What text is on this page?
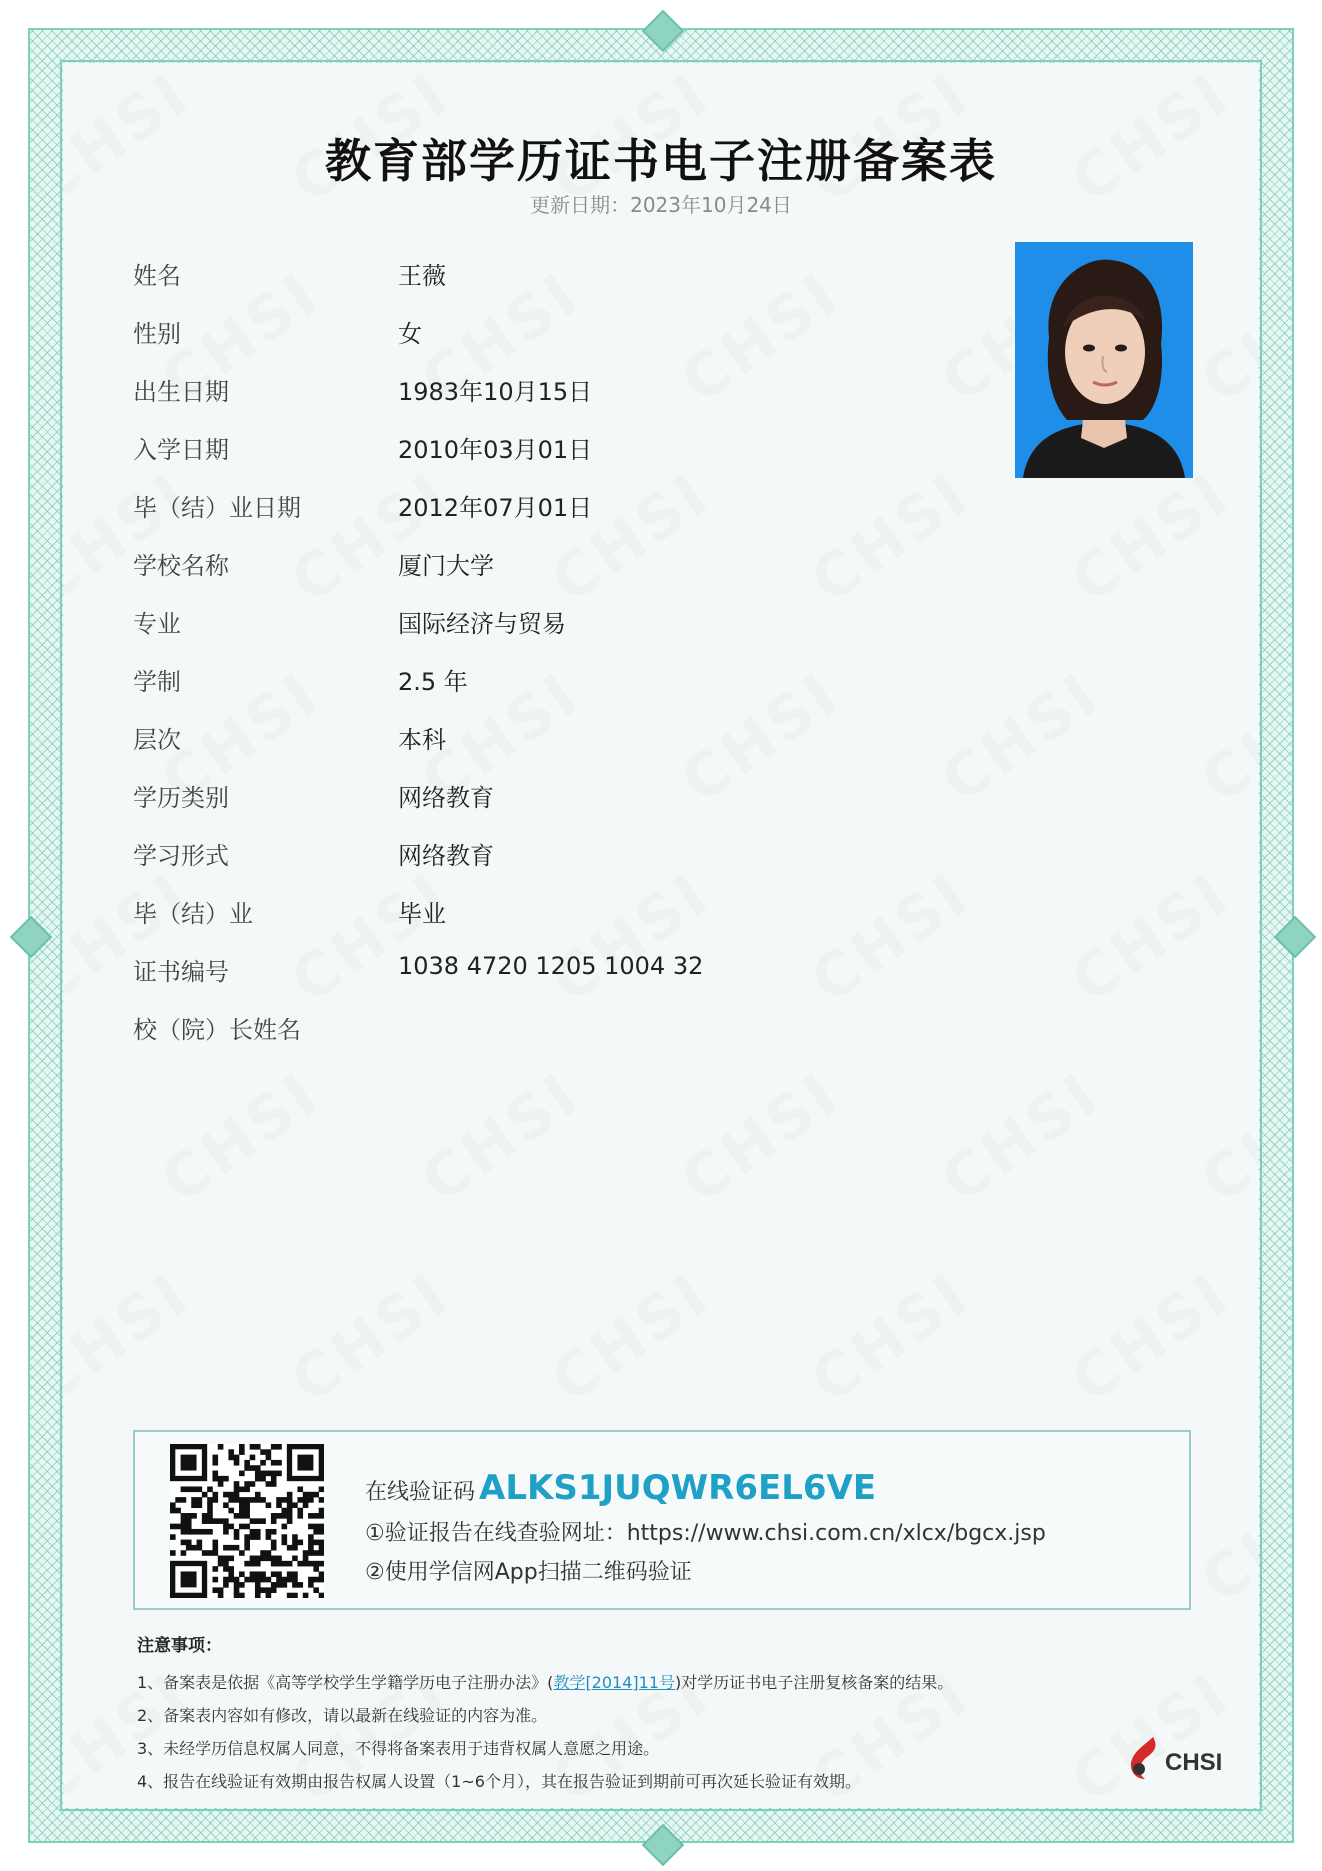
教育部学历证书电子注册备案表
更新日期：2023年10月24日
姓名	王薇
性别	女
出生日期	1983年10月15日
入学日期	2010年03月01日
毕（结）业日期	2012年07月01日
学校名称	厦门大学
专业	国际经济与贸易
学制	2.5 年
层次	本科
学历类别	网络教育
学习形式	网络教育
毕（结）业	毕业
证书编号	1038 4720 1205 1004 32
校（院）长姓名
在线验证码 ALKS1JUQWR6EL6VE
①验证报告在线查验网址：https://www.chsi.com.cn/xlcx/bgcx.jsp
②使用学信网App扫描二维码验证
注意事项：
1、备案表是依据《高等学校学生学籍学历电子注册办法》(教学[2014]11号)对学历证书电子注册复核备案的结果。
2、备案表内容如有修改，请以最新在线验证的内容为准。
3、未经学历信息权属人同意，不得将备案表用于违背权属人意愿之用途。
4、报告在线验证有效期由报告权属人设置（1~6个月），其在报告验证到期前可再次延长验证有效期。
CHSI
